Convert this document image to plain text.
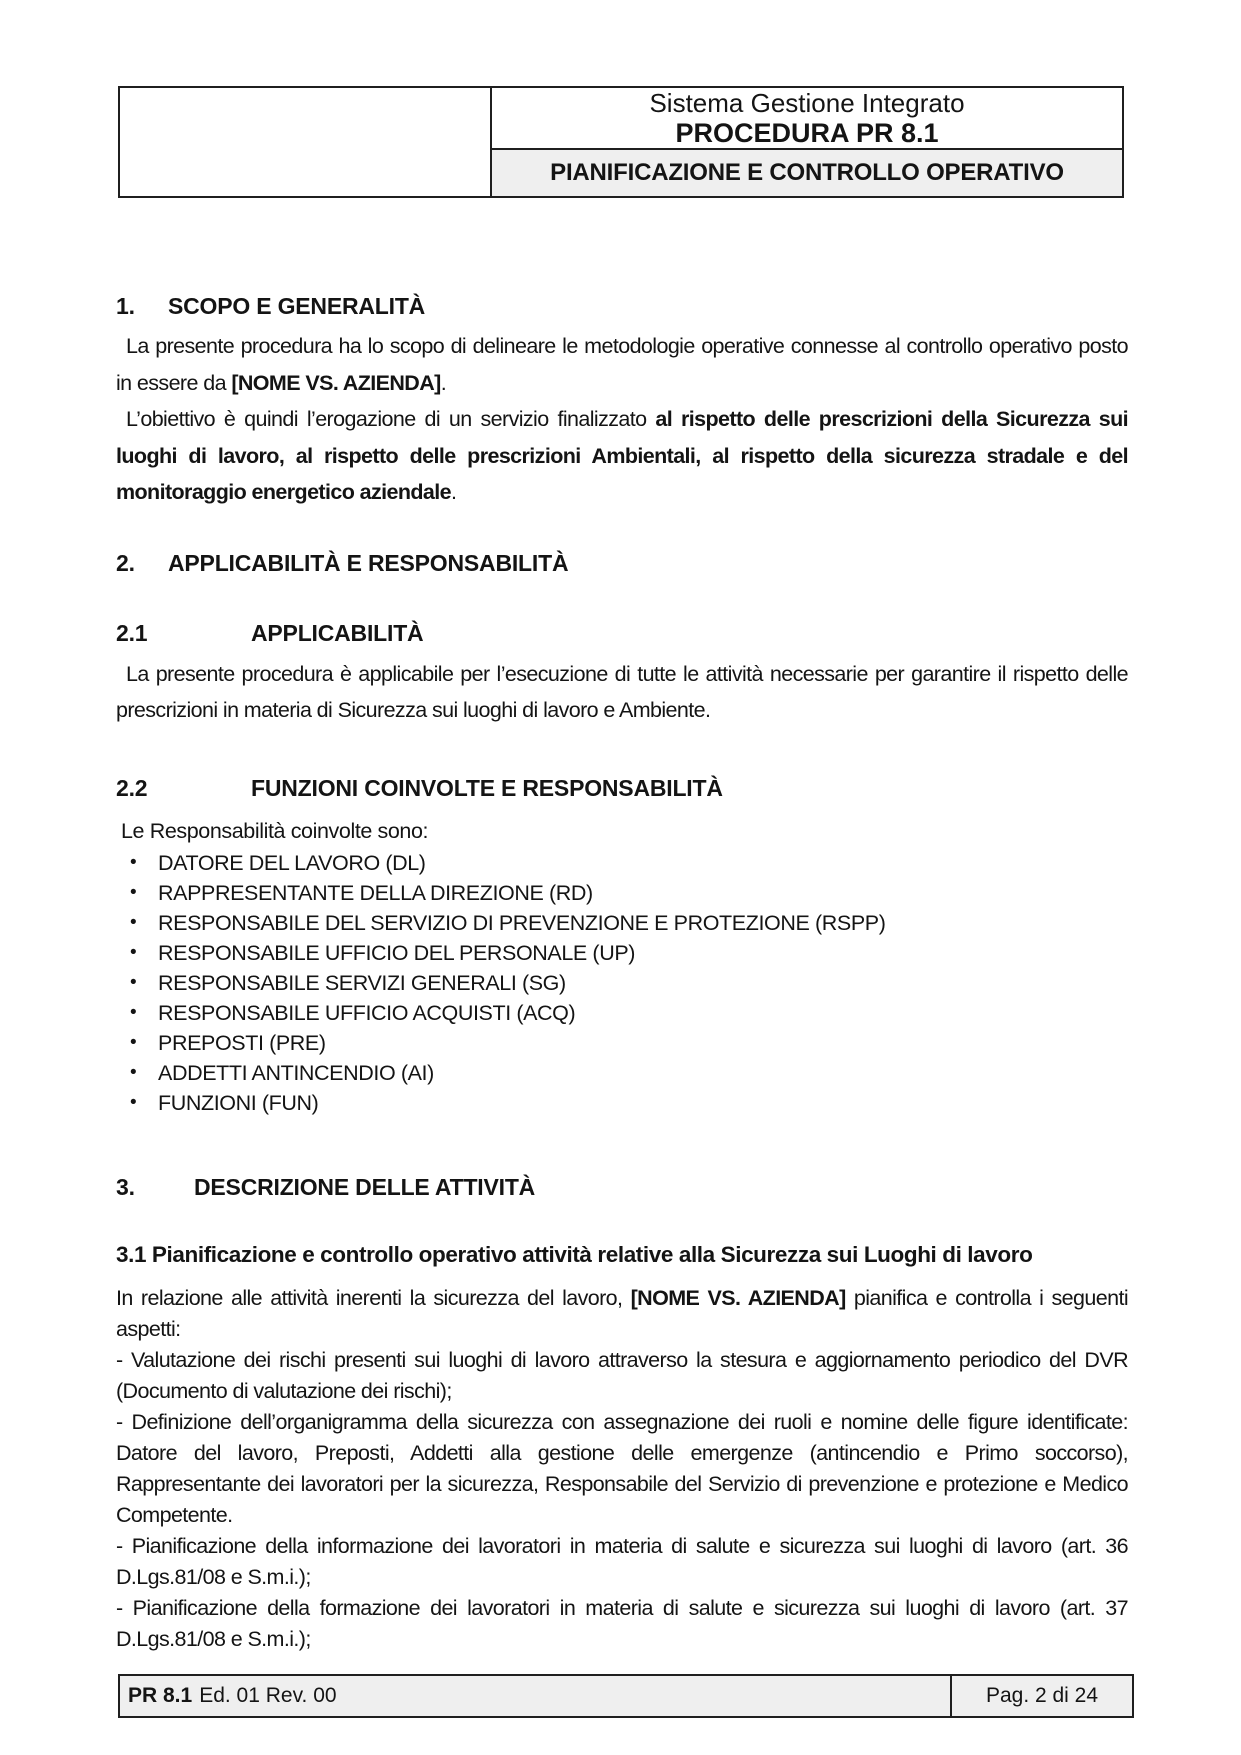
Sistema Gestione Integrato
PROCEDURA PR 8.1
PIANIFICAZIONE E CONTROLLO OPERATIVO
1.	SCOPO E GENERALITÀ

La presente procedura ha lo scopo di delineare le metodologie operative connesse al controllo operativo posto in essere da [NOME VS. AZIENDA].

L’obiettivo è quindi l’erogazione di un servizio finalizzato al rispetto delle prescrizioni della Sicurezza sui luoghi di lavoro, al rispetto delle prescrizioni Ambientali, al rispetto della sicurezza stradale e del monitoraggio energetico aziendale.

2.	APPLICABILITÀ E RESPONSABILITÀ
2.1	APPLICABILITÀ

La presente procedura è applicabile per l’esecuzione di tutte le attività necessarie per garantire il rispetto delle prescrizioni in materia di Sicurezza sui luoghi di lavoro e Ambiente.

2.2	FUNZIONI COINVOLTE E RESPONSABILITÀ

Le Responsabilità coinvolte sono:

•	DATORE DEL LAVORO (DL)
•	RAPPRESENTANTE DELLA DIREZIONE (RD)
•	RESPONSABILE DEL SERVIZIO DI PREVENZIONE E PROTEZIONE (RSPP)
•	RESPONSABILE UFFICIO DEL PERSONALE (UP)
•	RESPONSABILE SERVIZI GENERALI (SG)
•	RESPONSABILE UFFICIO ACQUISTI (ACQ)
•	PREPOSTI (PRE)
•	ADDETTI ANTINCENDIO (AI)
•	FUNZIONI (FUN)
3.	DESCRIZIONE DELLE ATTIVITÀ
3.1 Pianificazione e controllo operativo attività relative alla Sicurezza sui Luoghi di lavoro

In relazione alle attività inerenti la sicurezza del lavoro, [NOME VS. AZIENDA] pianifica e controlla i seguenti aspetti:

- Valutazione dei rischi presenti sui luoghi di lavoro attraverso la stesura e aggiornamento periodico del DVR (Documento di valutazione dei rischi);

- Definizione dell’organigramma della sicurezza con assegnazione dei ruoli e nomine delle figure identificate: Datore del lavoro, Preposti, Addetti alla gestione delle emergenze (antincendio e Primo soccorso), Rappresentante dei lavoratori per la sicurezza, Responsabile del Servizio di prevenzione e protezione e Medico Competente.

- Pianificazione della informazione dei lavoratori in materia di salute e sicurezza sui luoghi di lavoro (art. 36 D.Lgs.81/08 e S.m.i.);

- Pianificazione della formazione dei lavoratori in materia di salute e sicurezza sui luoghi di lavoro (art. 37 D.Lgs.81/08 e S.m.i.);

PR 8.1 Ed. 01 Rev. 00	Pag. 2 di 24
